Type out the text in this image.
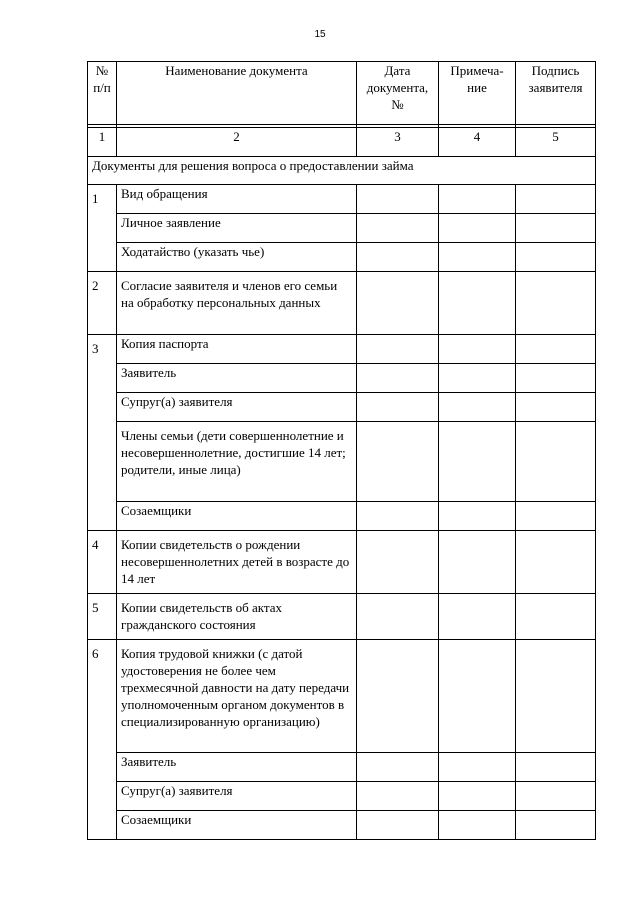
15
№ п/п	Наименование документа	Дата документа, №	Примеча-ние	Подпись заявителя

1	2	3	4	5
Документы для решения вопроса о предоставлении займа				
1	Вид обращения			
	Личное заявление			
	Ходатайство (указать чье)			
2	Согласие заявителя и членов его семьи на обработку персональных данных			
3	Копия паспорта			
	Заявитель			
	Супруг(а) заявителя			
	Члены семьи (дети совершеннолетние и несовершеннолетние, достигшие 14 лет; родители, иные лица)			
	Созаемщики			
4	Копии свидетельств о рождении несовершеннолетних детей в возрасте до 14 лет			
5	Копии свидетельств об актах гражданского состояния			
6	Копия трудовой книжки (с датой удостоверения не более чем трехмесячной давности на дату передачи уполномоченным органом документов в специализированную организацию)			
	Заявитель			
	Супруг(а) заявителя			
	Созаемщики			
